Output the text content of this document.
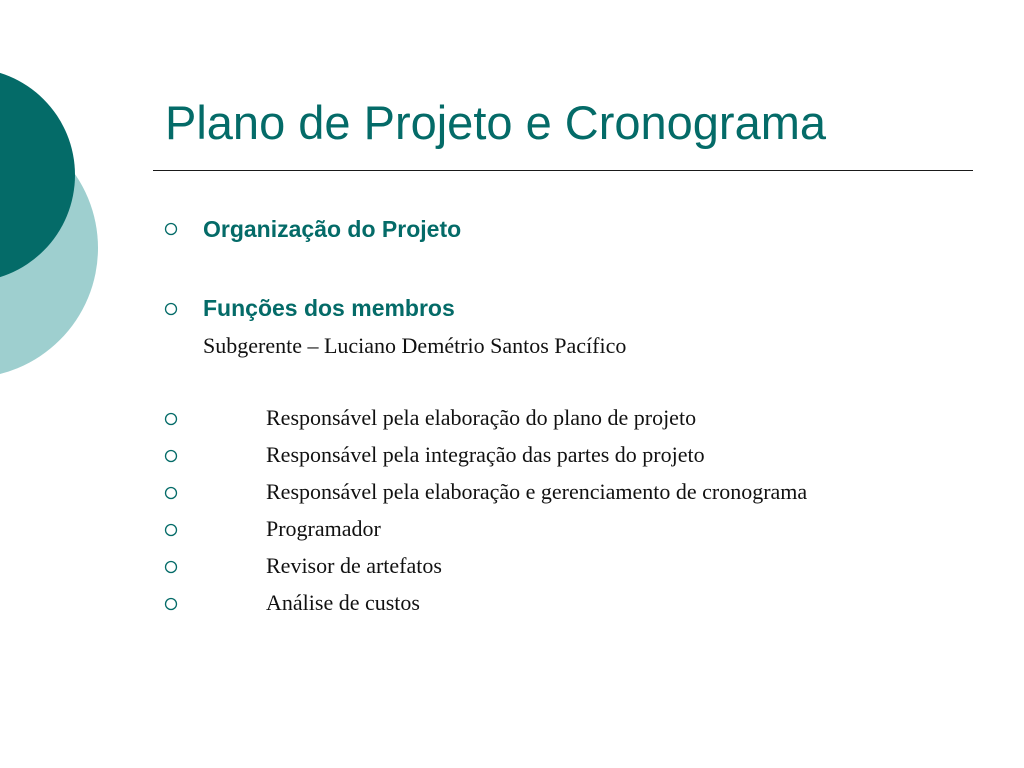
Plano de Projeto e Cronograma
Organização do Projeto
Funções dos membros
Subgerente – Luciano Demétrio Santos Pacífico
Responsável pela elaboração do plano de projeto
Responsável pela integração das partes do projeto
Responsável pela elaboração e gerenciamento de cronograma
Programador
Revisor de artefatos
Análise de custos
